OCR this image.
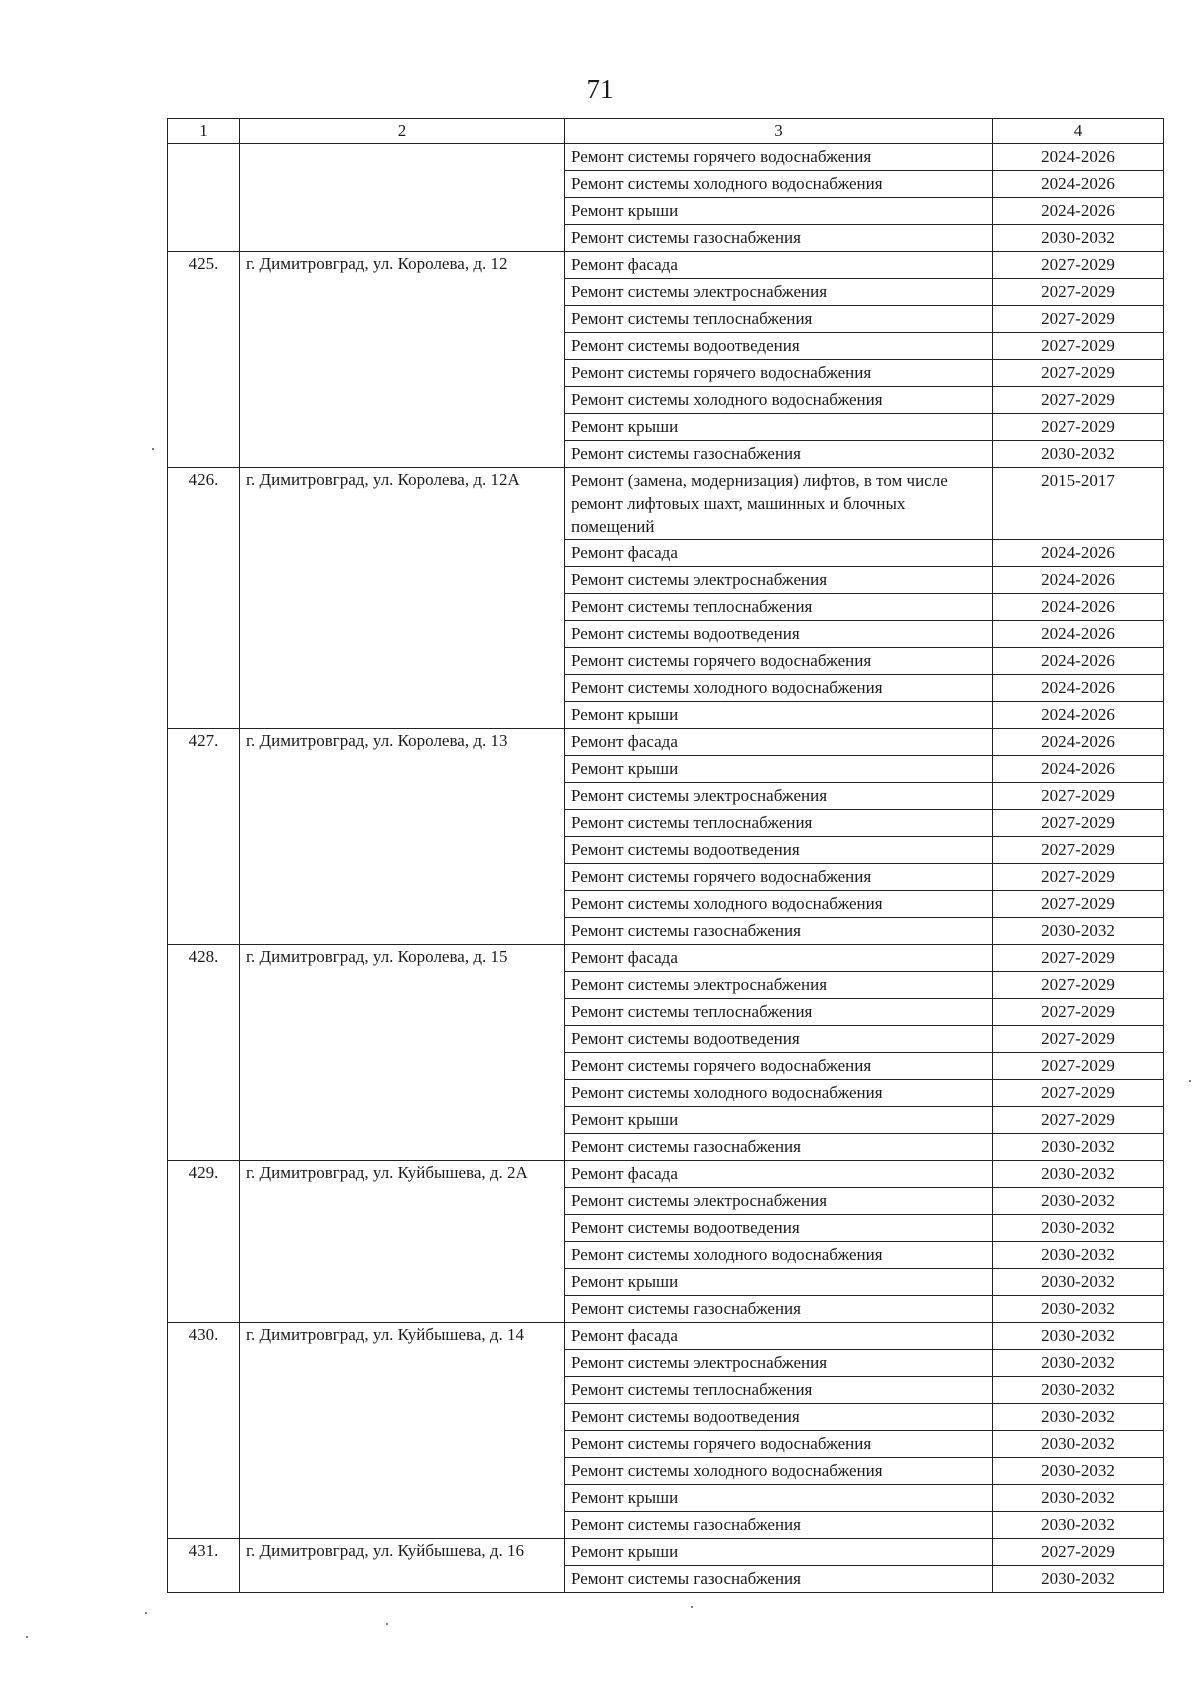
71
1	2	3	4
		Ремонт системы горячего водоснабжения	2024-2026
		Ремонт системы холодного водоснабжения	2024-2026
		Ремонт крыши	2024-2026
		Ремонт системы газоснабжения	2030-2032
425.	г. Димитровград, ул. Королева, д. 12	Ремонт фасада	2027-2029
		Ремонт системы электроснабжения	2027-2029
		Ремонт системы теплоснабжения	2027-2029
		Ремонт системы водоотведения	2027-2029
		Ремонт системы горячего водоснабжения	2027-2029
		Ремонт системы холодного водоснабжения	2027-2029
		Ремонт крыши	2027-2029
		Ремонт системы газоснабжения	2030-2032
426.	г. Димитровград, ул. Королева, д. 12А	Ремонт (замена, модернизация) лифтов, в том числе ремонт лифтовых шахт, машинных и блочных помещений	2015-2017
		Ремонт фасада	2024-2026
		Ремонт системы электроснабжения	2024-2026
		Ремонт системы теплоснабжения	2024-2026
		Ремонт системы водоотведения	2024-2026
		Ремонт системы горячего водоснабжения	2024-2026
		Ремонт системы холодного водоснабжения	2024-2026
		Ремонт крыши	2024-2026
427.	г. Димитровград, ул. Королева, д. 13	Ремонт фасада	2024-2026
		Ремонт крыши	2024-2026
		Ремонт системы электроснабжения	2027-2029
		Ремонт системы теплоснабжения	2027-2029
		Ремонт системы водоотведения	2027-2029
		Ремонт системы горячего водоснабжения	2027-2029
		Ремонт системы холодного водоснабжения	2027-2029
		Ремонт системы газоснабжения	2030-2032
428.	г. Димитровград, ул. Королева, д. 15	Ремонт фасада	2027-2029
		Ремонт системы электроснабжения	2027-2029
		Ремонт системы теплоснабжения	2027-2029
		Ремонт системы водоотведения	2027-2029
		Ремонт системы горячего водоснабжения	2027-2029
		Ремонт системы холодного водоснабжения	2027-2029
		Ремонт крыши	2027-2029
		Ремонт системы газоснабжения	2030-2032
429.	г. Димитровград, ул. Куйбышева, д. 2А	Ремонт фасада	2030-2032
		Ремонт системы электроснабжения	2030-2032
		Ремонт системы водоотведения	2030-2032
		Ремонт системы холодного водоснабжения	2030-2032
		Ремонт крыши	2030-2032
		Ремонт системы газоснабжения	2030-2032
430.	г. Димитровград, ул. Куйбышева, д. 14	Ремонт фасада	2030-2032
		Ремонт системы электроснабжения	2030-2032
		Ремонт системы теплоснабжения	2030-2032
		Ремонт системы водоотведения	2030-2032
		Ремонт системы горячего водоснабжения	2030-2032
		Ремонт системы холодного водоснабжения	2030-2032
		Ремонт крыши	2030-2032
		Ремонт системы газоснабжения	2030-2032
431.	г. Димитровград, ул. Куйбышева, д. 16	Ремонт крыши	2027-2029
		Ремонт системы газоснабжения	2030-2032
